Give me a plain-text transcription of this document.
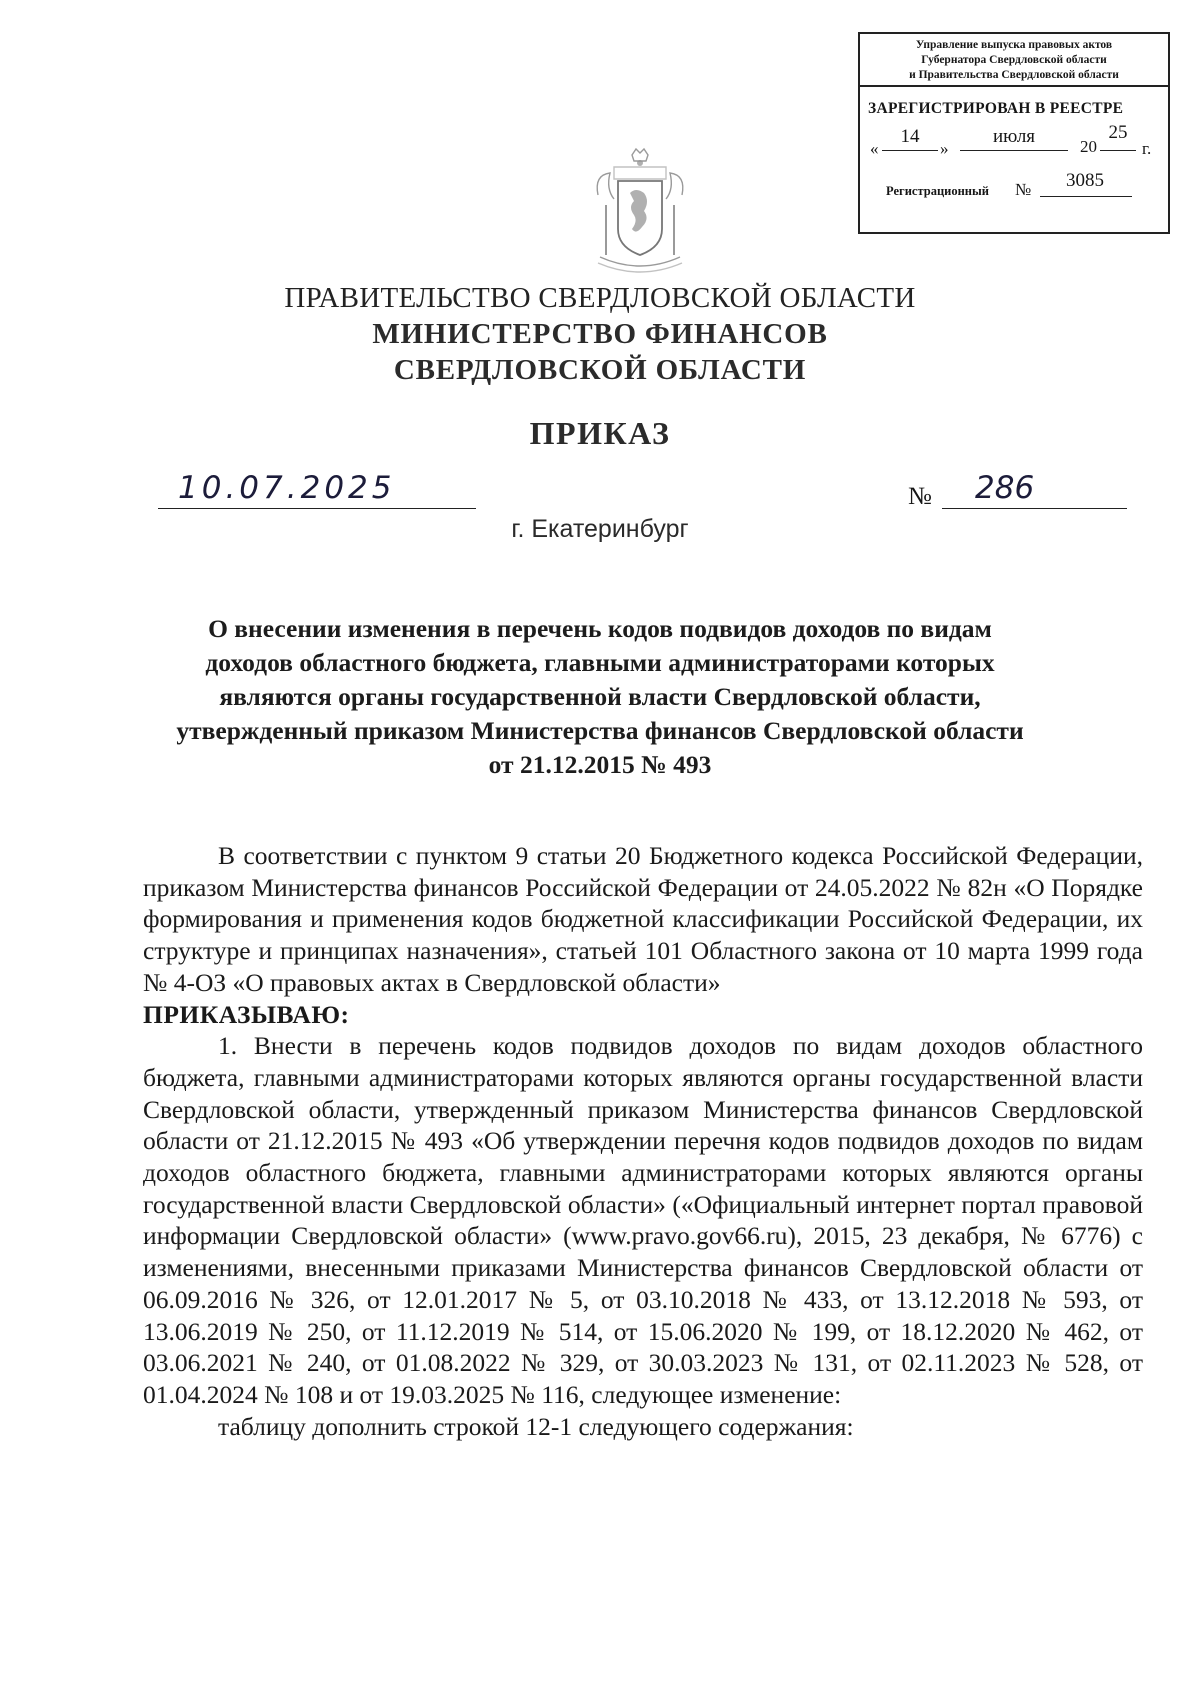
Управление выпуска правовых актов
Губернатора Свердловской области
и Правительства Свердловской области
ЗАРЕГИСТРИРОВАН В РЕЕСТРЕ
«
14
»
июля	20
25
г.
Регистрационный №	3085
ПРАВИТЕЛЬСТВО СВЕРДЛОВСКОЙ ОБЛАСТИ
МИНИСТЕРСТВО ФИНАНСОВ
СВЕРДЛОВСКОЙ ОБЛАСТИ
ПРИКАЗ
10.07.2025	№ 286
г. Екатеринбург
О внесении изменения в перечень кодов подвидов доходов по видам
доходов областного бюджета, главными администраторами которых
являются органы государственной власти Свердловской области,
утвержденный приказом Министерства финансов Свердловской области
от 21.12.2015 № 493

В соответствии с пунктом 9 статьи 20 Бюджетного кодекса Российской Федерации, приказом Министерства финансов Российской Федерации от 24.05.2022 № 82н «О Порядке формирования и применения кодов бюджетной классификации Российской Федерации, их структуре и принципах назначения», статьей 101 Областного закона от 10 марта 1999 года № 4-ОЗ «О правовых актах в Свердловской области»

ПРИКАЗЫВАЮ:

1. Внести в перечень кодов подвидов доходов по видам доходов областного бюджета, главными администраторами которых являются органы государственной власти Свердловской области, утвержденный приказом Министерства финансов Свердловской области от 21.12.2015 № 493 «Об утверждении перечня кодов подвидов доходов по видам доходов областного бюджета, главными администраторами которых являются органы государственной власти Свердловской области» («Официальный интернет портал правовой информации Свердловской области» (www.pravo.gov66.ru), 2015, 23 декабря, № 6776) с изменениями, внесенными приказами Министерства финансов Свердловской области от 06.09.2016 № 326, от 12.01.2017 № 5, от 03.10.2018 № 433, от 13.12.2018 № 593, от 13.06.2019 № 250, от 11.12.2019 № 514, от 15.06.2020 № 199, от 18.12.2020 № 462, от 03.06.2021 № 240, от 01.08.2022 № 329, от 30.03.2023 № 131, от 02.11.2023 № 528, от 01.04.2024 № 108 и от 19.03.2025 № 116, следующее изменение:

таблицу дополнить строкой 12-1 следующего содержания:
